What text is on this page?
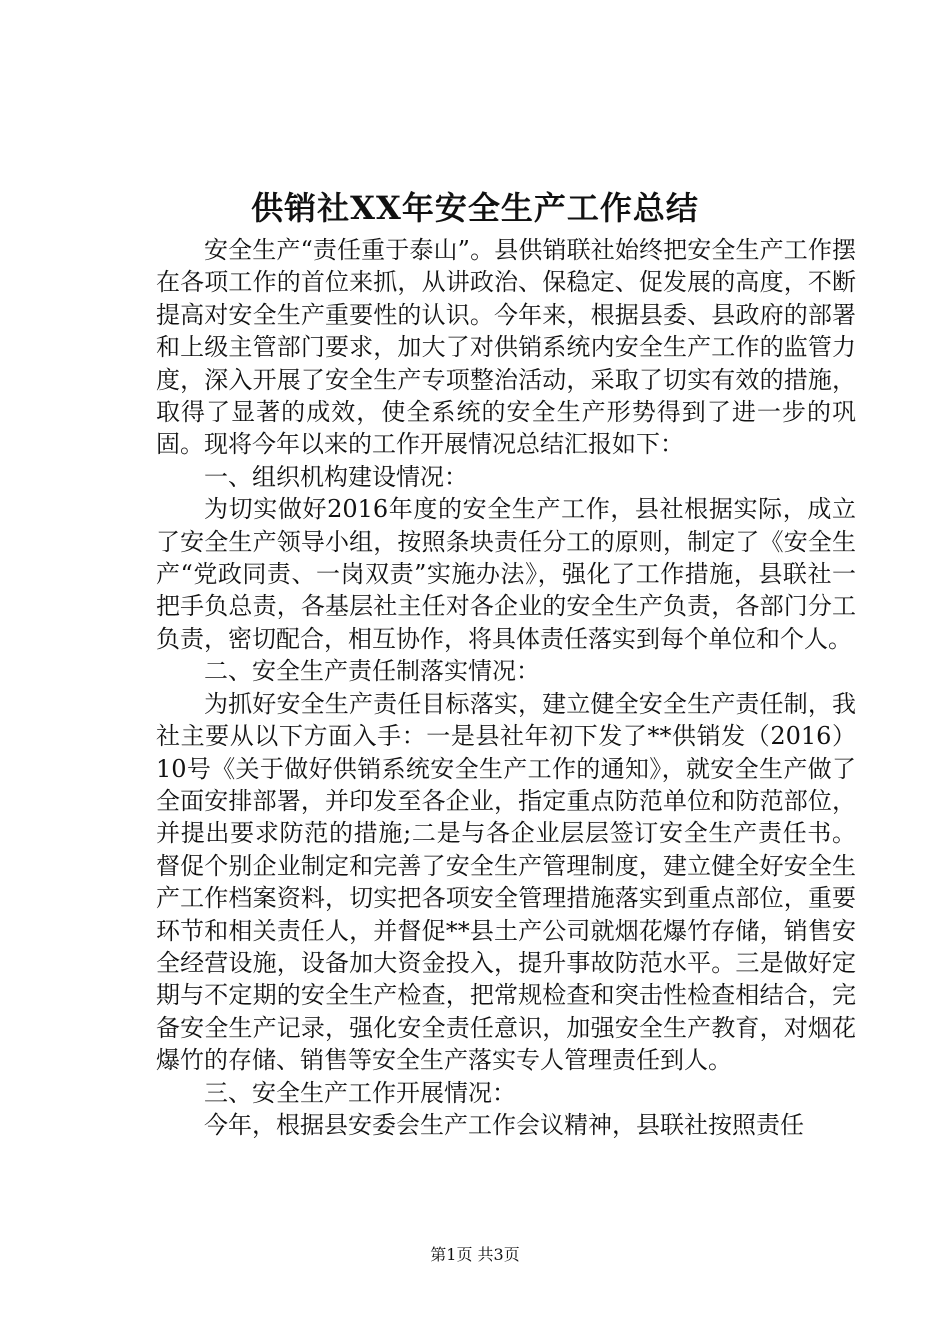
供销社XX年安全生产工作总结

安全生产“责任重于泰山”。县供销联社始终把安全生产工作摆在各项工作的首位来抓，从讲政治、保稳定、促发展的高度，不断提高对安全生产重要性的认识。今年来，根据县委、县政府的部署和上级主管部门要求，加大了对供销系统内安全生产工作的监管力度，深入开展了安全生产专项整治活动，采取了切实有效的措施，取得了显著的成效，使全系统的安全生产形势得到了进一步的巩固。现将今年以来的工作开展情况总结汇报如下：

一、组织机构建设情况：

为切实做好2016年度的安全生产工作，县社根据实际，成立了安全生产领导小组，按照条块责任分工的原则，制定了《安全生产“党政同责、一岗双责”实施办法》，强化了工作措施，县联社一把手负总责，各基层社主任对各企业的安全生产负责，各部门分工负责，密切配合，相互协作，将具体责任落实到每个单位和个人。

二、安全生产责任制落实情况：

为抓好安全生产责任目标落实，建立健全安全生产责任制，我社主要从以下方面入手：一是县社年初下发了**供销发（2016）10号《关于做好供销系统安全生产工作的通知》，就安全生产做了全面安排部署，并印发至各企业，指定重点防范单位和防范部位，并提出要求防范的措施;二是与各企业层层签订安全生产责任书。督促个别企业制定和完善了安全生产管理制度，建立健全好安全生产工作档案资料，切实把各项安全管理措施落实到重点部位，重要环节和相关责任人，并督促**县土产公司就烟花爆竹存储，销售安全经营设施，设备加大资金投入，提升事故防范水平。三是做好定期与不定期的安全生产检查，把常规检查和突击性检查相结合，完备安全生产记录，强化安全责任意识，加强安全生产教育，对烟花爆竹的存储、销售等安全生产落实专人管理责任到人。

三、安全生产工作开展情况：

今年，根据县安委会生产工作会议精神，县联社按照责任

第1页 共3页
